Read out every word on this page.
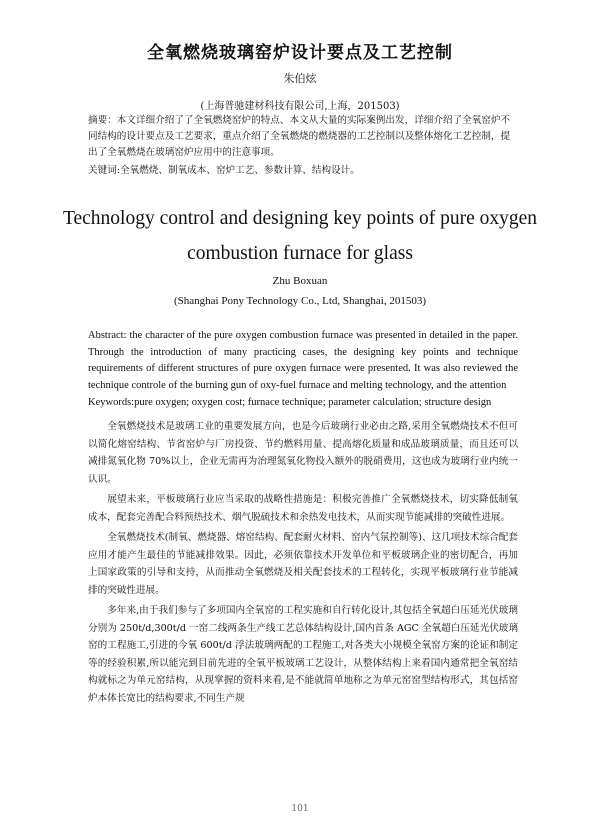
全氧燃烧玻璃窑炉设计要点及工艺控制
朱伯炫
(上海普驰建材科技有限公司,上海，201503)

摘要：本文详细介绍了了全氧燃烧窑炉的特点、本文从大量的实际案例出发，详细介绍了全氧窑炉不同结构的设计要点及工艺要求，重点介绍了全氧燃烧的燃烧器的工艺控制以及整体熔化工艺控制，提出了全氧燃烧在玻璃窑炉应用中的注意事项。

关键词:全氧燃烧、制氧成本、窑炉工艺、参数计算、结构设计。

Technology control and designing key points of pure oxygen
combustion furnace for glass
Zhu Boxuan
(Shanghai Pony Technology Co., Ltd, Shanghai, 201503)

Abstract: the character of the pure oxygen combustion furnace was presented in detailed in the paper. Through the introduction of many practicing cases, the designing key points and technique requirements of different structures of pure oxygen furnace were presented. It was also reviewed the technique controle of the burning gun of oxy-fuel furnace and melting technology, and the attention

Keywords:pure oxygen; oxygen cost; furnace technique; parameter calculation; structure design

全氧燃烧技术是玻璃工业的重要发展方向，也是今后玻璃行业必由之路,采用全氧燃烧技术不但可以简化熔窑结构、节省窑炉与厂房投资、节约燃料用量、提高熔化质量和成品玻璃质量，而且还可以减排氮氧化物 70%以上，企业无需再为治理氮氧化物投入额外的脱硝费用，这也成为玻璃行业内统一认识。

展望未来，平板玻璃行业应当采取的战略性措施是：积极完善推广全氧燃烧技术，切实降低制氧成本，配套完善配合料预热技术、烟气脱硫技术和余热发电技术，从而实现节能减排的突破性进展。

全氧燃烧技术(制氧、燃烧器、熔窑结构、配套耐火材料、窑内气氛控制等)、这几项技术综合配套应用才能产生最佳的节能减排效果。因此，必须依靠技术开发单位和平板玻璃企业的密切配合，再加上国家政策的引导和支持，从而推动全氧燃烧及相关配套技术的工程转化，实现平板玻璃行业节能减排的突破性进展。

多年来,由于我们参与了多项国内全氧窑的工程实施和自行转化设计,其包括全氧超白压延光伏玻璃分别为 250t/d,300t/d 一窑二线两条生产线工艺总体结构设计,国内首条 AGC 全氧超白压延光伏玻璃窑的工程施工,引进的今氧 600t/d 浮法玻璃两配的工程施工,对各类大小规模全氧窑方案的论证和制定等的经验积累,所以能完到目前先进的全氧平板玻璃工艺设计，从整体结构上来看国内通常把全氧窑结构就标之为单元窑结构，从现掌握的资料来看,是不能就简单地称之为单元窑窑型结构形式，其包括窑炉本体长宽比的结构要求,不同生产规

101
